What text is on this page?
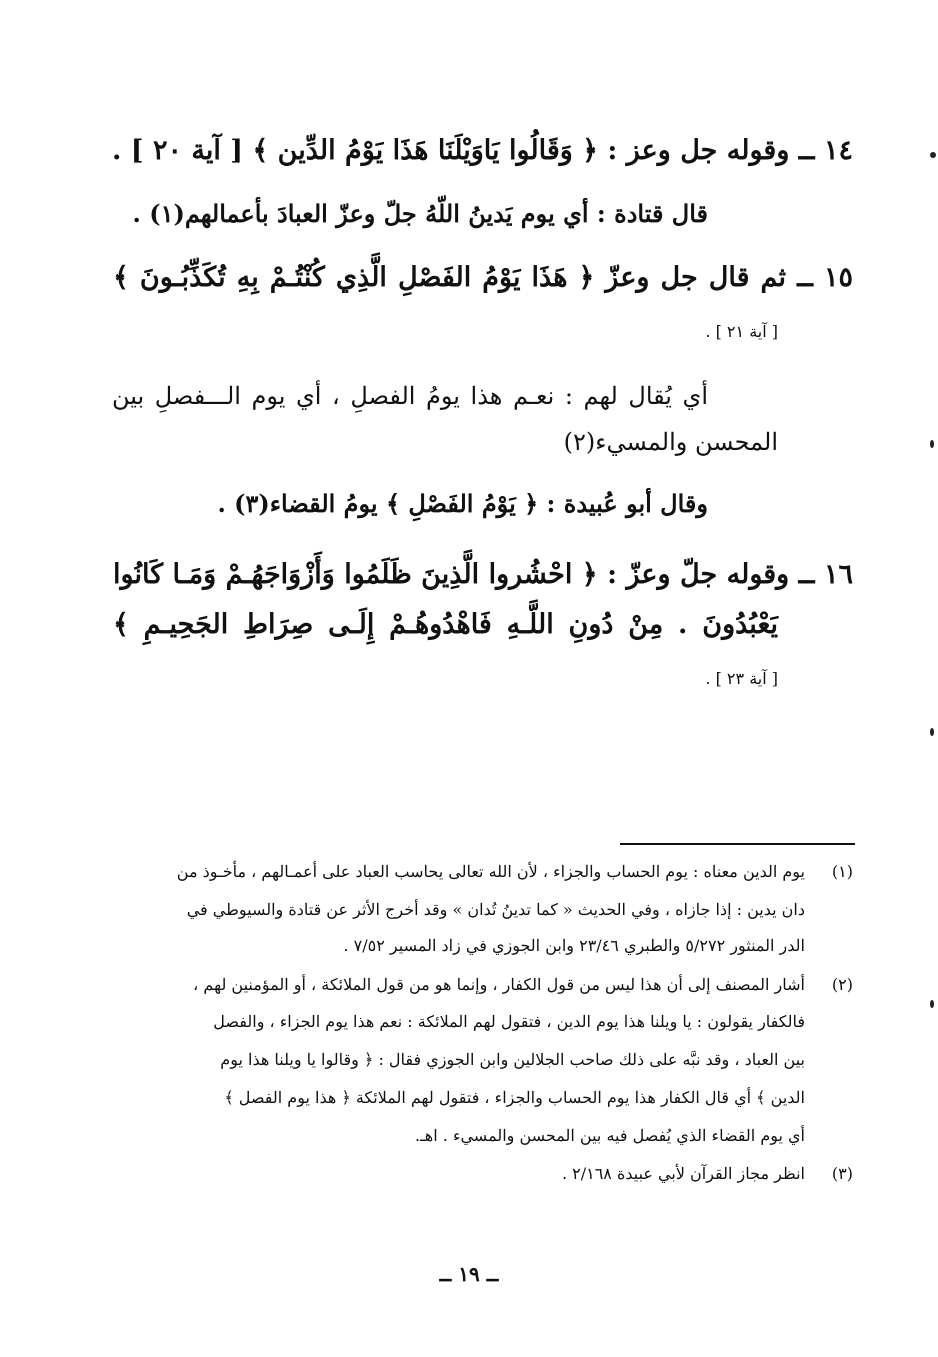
١٤ ــ وقوله جل وعز : ﴿ وَقَالُوا يَاوَيْلَنَا هَذَا يَوْمُ الدِّين ﴾ [ آية ٢٠ ] .
قال قتادة : أي يوم يَدينُ اللّهُ جلّ وعزّ العبادَ بأعمالهم(١) .
١٥ ــ ثم قال جل وعزّ ﴿ هَذَا يَوْمُ الفَصْلِ الَّذِي كُنْتُـمْ بِهِ تُكَذِّبُـونَ ﴾
[ آية ٢١ ] .
أي يُقال لهم : نعـم هذا يومُ الفصلِ ، أي يوم الـــفصلِ بين
المحسن والمسيء(٢)
وقال أبو عُبيدة : ﴿ يَوْمُ الفَصْلِ ﴾ يومُ القضاء(٣) .
١٦ ــ وقوله جلّ وعزّ : ﴿ احْشُروا الَّذِينَ ظَلَمُوا وَأَزْوَاجَهُـمْ وَمَـا كَانُوا
يَعْبُدُونَ . مِنْ دُونِ اللَّـهِ فَاهْدُوهُـمْ إِلَـى صِرَاطِ الجَحِيـمِ ﴾
[ آية ٢٣ ] .
(١)
يوم الدين معناه : يوم الحساب والجزاء ، لأن الله تعالى يحاسب العباد على أعمـالهم ، مأخـوذ من
دان يدين : إذا جازاه ، وفي الحديث « كما تدينُ تُدان » وقد أخرج الأثر عن قتادة والسيوطي في
الدر المنثور ٥/٢٧٢ والطبري ٢٣/٤٦ وابن الجوزي في زاد المسير ٧/٥٢ .
(٢)
أشار المصنف إلى أن هذا ليس من قول الكفار ، وإنما هو من قول الملائكة ، أو المؤمنين لهم ،
فالكفار يقولون : يا ويلنا هذا يوم الدين ، فتقول لهم الملائكة : نعم هذا يوم الجزاء ، والفصل
بين العباد ، وقد نبَّه على ذلك صاحب الجلالين وابن الجوزي فقال : ﴿ وقالوا يا ويلنا هذا يوم
الدين ﴾ أي قال الكفار هذا يوم الحساب والجزاء ، فتقول لهم الملائكة ﴿ هذا يوم الفصل ﴾
أي يوم القضاء الذي يُفصل فيه بين المحسن والمسيء . اهـ.
(٣)
انظر مجاز القرآن لأبي عبيدة ٢/١٦٨ .
ــ ١٩ ــ
